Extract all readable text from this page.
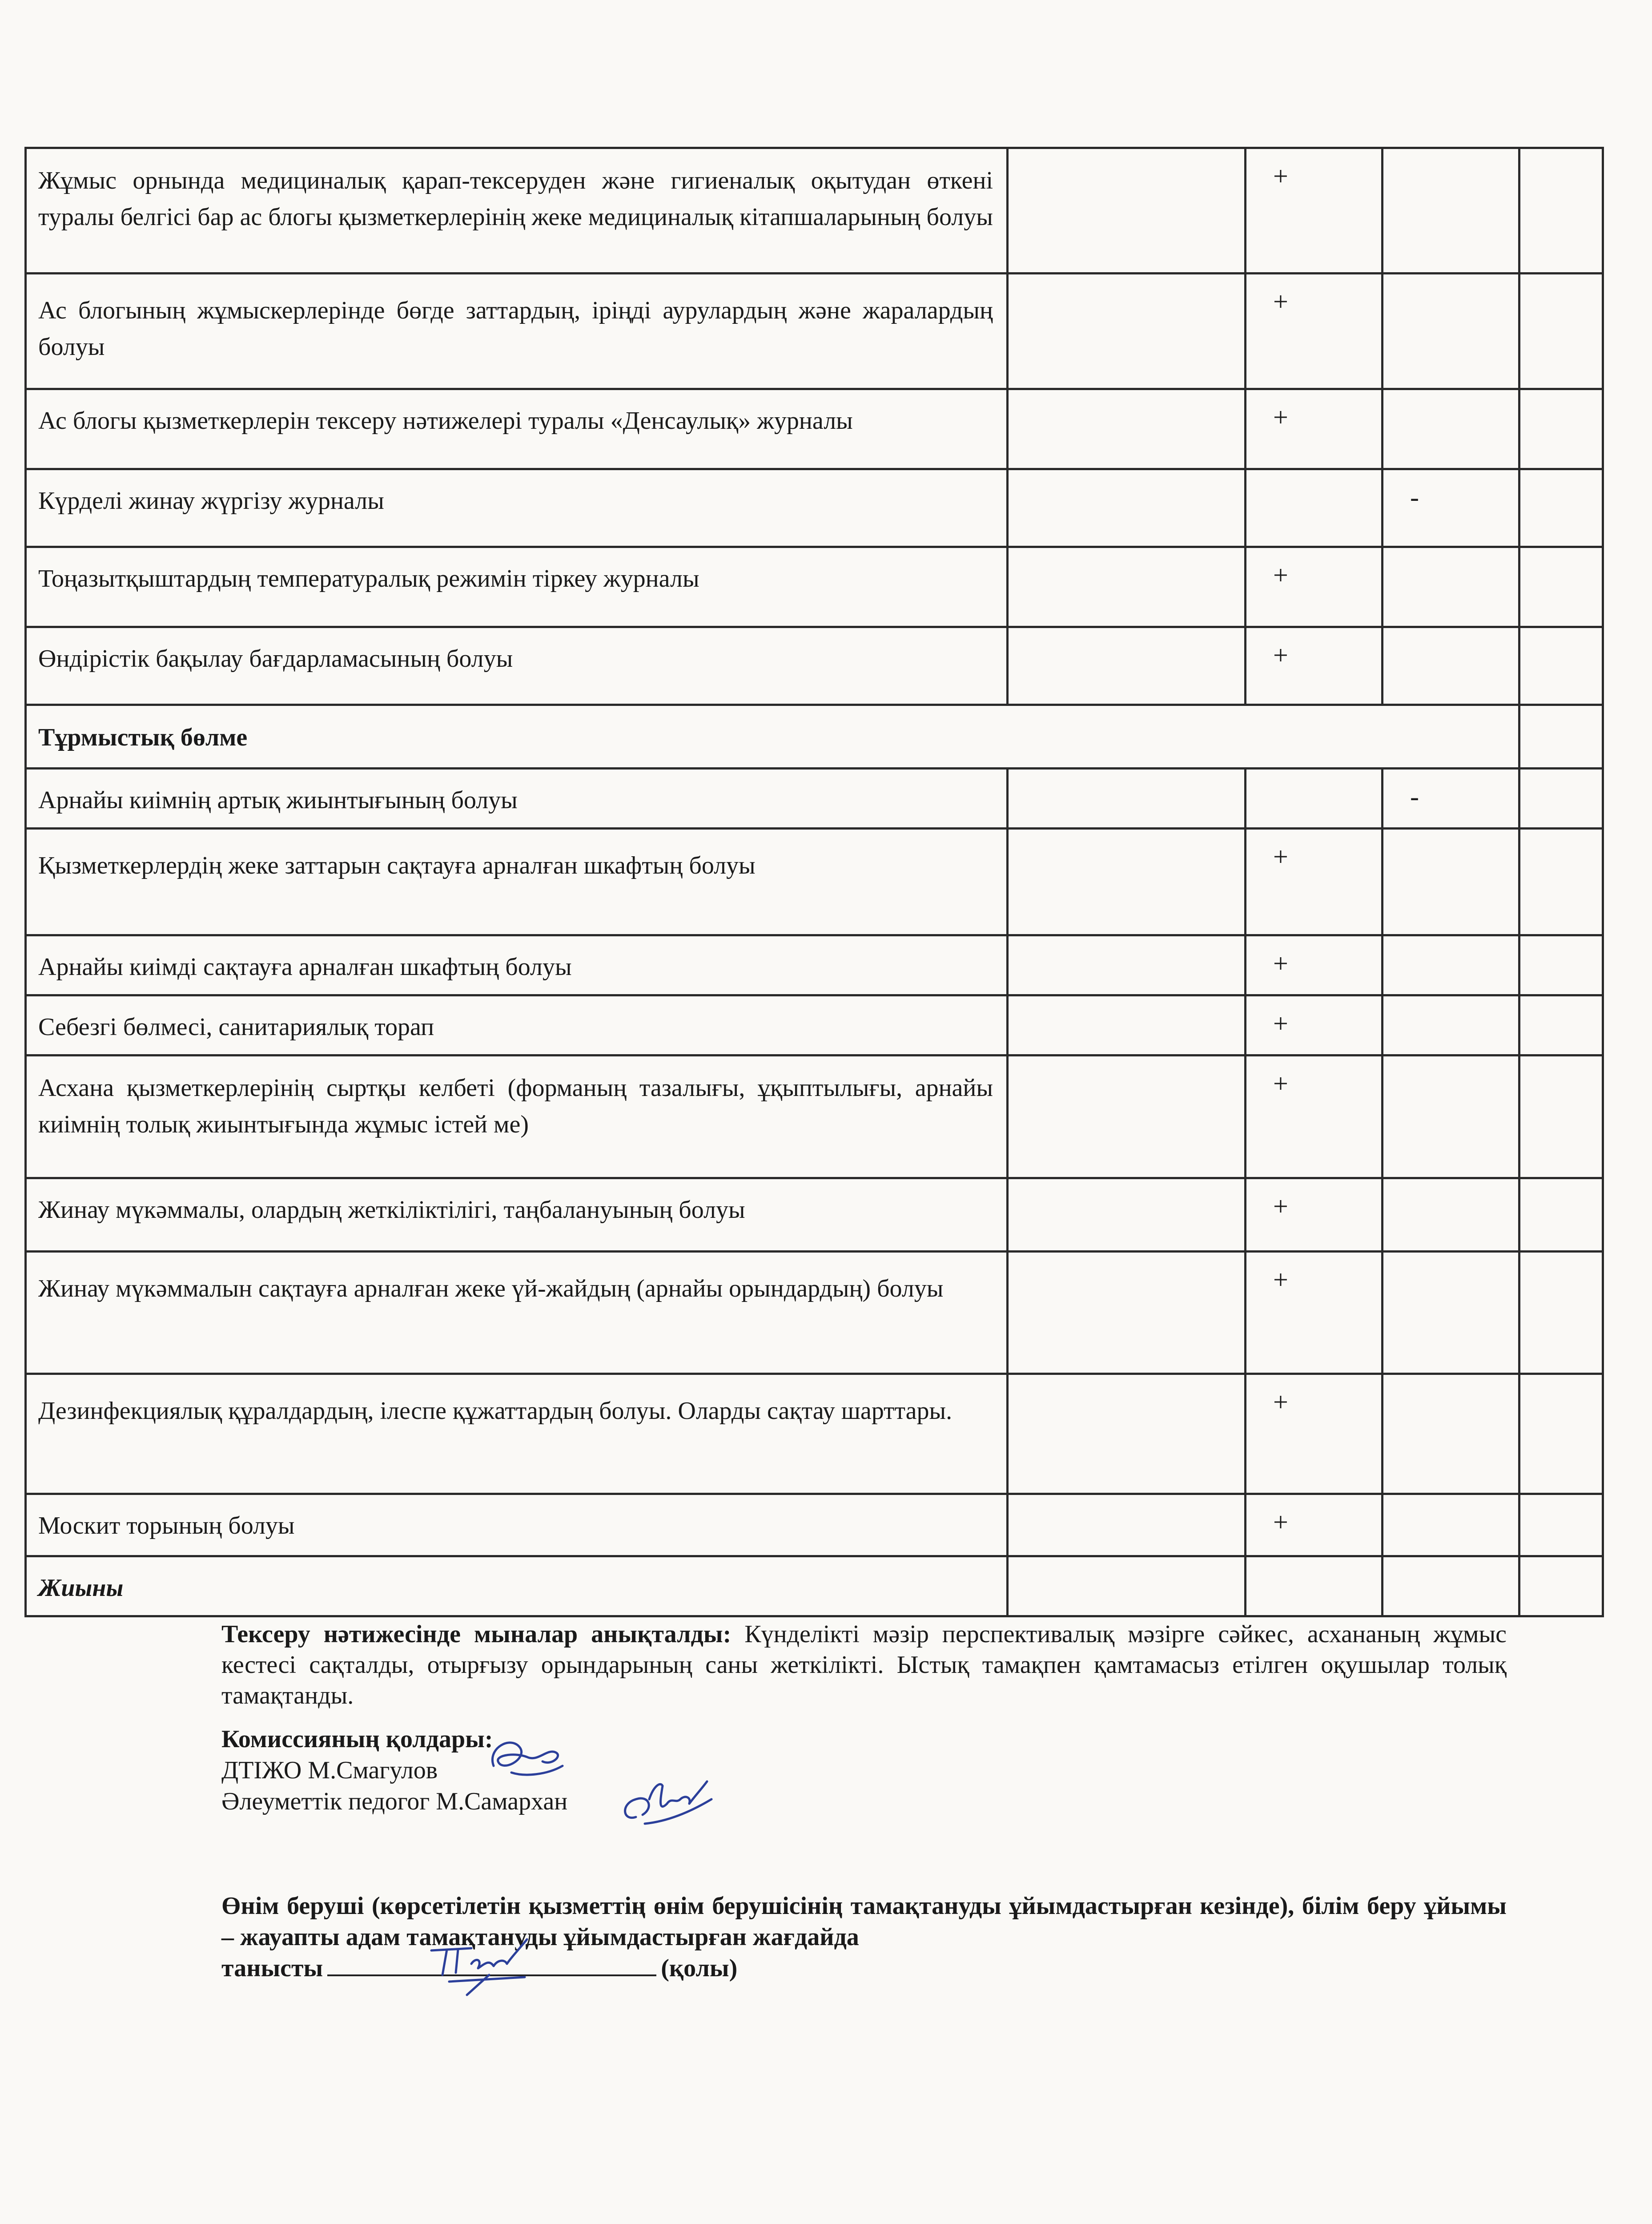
Жұмыс орнында медициналық қарап-тексеруден және гигиеналық оқытудан өткені туралы белгісі бар ас блогы қызметкерлерінің жеке медициналық кітапшаларының болуы		+		
Ас блогының жұмыскерлерінде бөгде заттардың, іріңді аурулардың және жаралардың болуы		+		
Ас блогы қызметкерлерін тексеру нәтижелері туралы «Денсаулық» журналы		+		
Күрделі жинау жүргізу журналы			-	
Тоңазытқыштардың температуралық режимін тіркеу журналы		+		
Өндірістік бақылау бағдарламасының болуы		+		
Тұрмыстық бөлме				
Арнайы киімнің артық жиынтығының болуы			-	
Қызметкерлердің жеке заттарын сақтауға арналған шкафтың болуы		+		
Арнайы киімді сақтауға арналған шкафтың болуы		+		
Себезгі бөлмесі, санитариялық торап		+		
Асхана қызметкерлерінің сыртқы келбеті (форманың тазалығы, ұқыптылығы, арнайы киімнің толық жиынтығында жұмыс істей ме)		+		
Жинау мүкәммалы, олардың жеткіліктілігі, таңбалануының болуы		+		
Жинау мүкәммалын сақтауға арналған жеке үй-жайдың (арнайы орындардың) болуы		+		
Дезинфекциялық құралдардың, ілеспе құжаттардың болуы. Оларды сақтау шарттары.		+		
Москит торының болуы		+		
Жиыны				
Тексеру нәтижесінде мыналар анықталды: Күнделікті мәзір перспективалық мәзірге сәйкес, асхананың жұмыс кестесі сақталды, отырғызу орындарының саны жеткілікті. Ыстық тамақпен қамтамасыз етілген оқушылар толық тамақтанды.
Комиссияның қолдары:
ДТІЖО М.Смагулов
Әлеуметтік педогог М.Самархан
Өнім беруші (көрсетілетін қызметтің өнім берушісінің тамақтануды ұйымдастырған кезінде), білім беру ұйымы – жауапты адам тамақтануды ұйымдастырған жағдайда
танысты	(қолы)
